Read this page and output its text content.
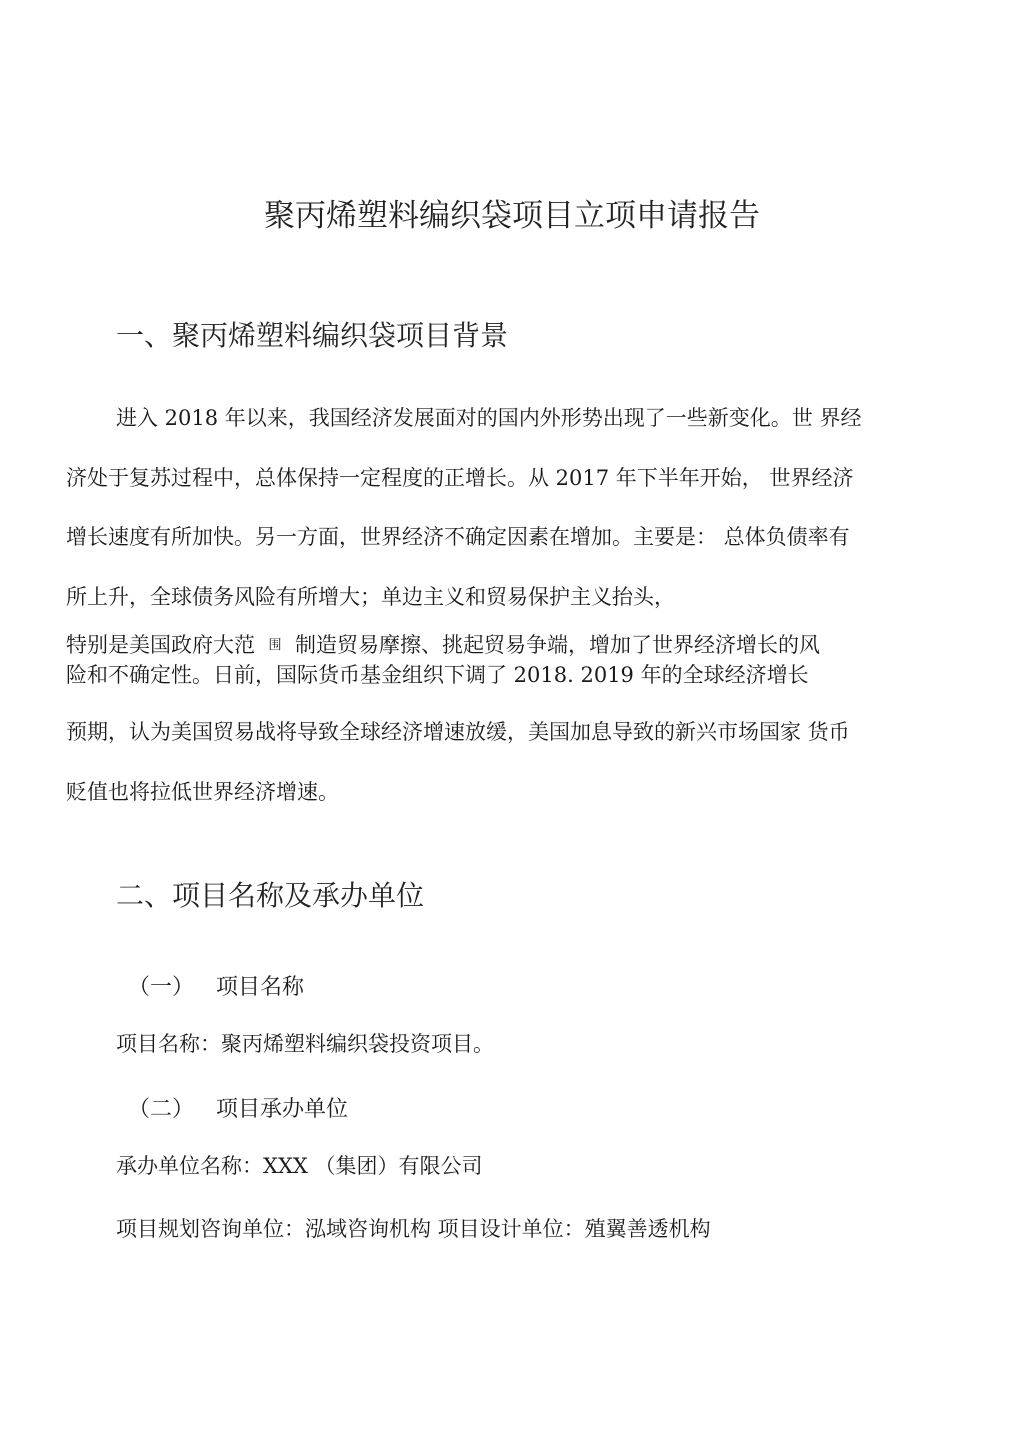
聚丙烯塑料编织袋项目立项申请报告
一、聚丙烯塑料编织袋项目背景

进入 2018 年以来，我国经济发展面对的国内外形势出现了一些新变化。世 界经

济处于复苏过程中，总体保持一定程度的正增长。从 2017 年下半年开始， 世界经济

增长速度有所加快。另一方面，世界经济不确定因素在增加。主要是： 总体负债率有

所上升，全球债务风险有所增大；单边主义和贸易保护主义抬头，

特别是美国政府大范 围 制造贸易摩擦、挑起贸易争端，增加了世界经济增长的风

险和不确定性。日前，国际货币基金组织下调了 2018. 2019 年的全球经济增长

预期，认为美国贸易战将导致全球经济增速放缓，美国加息导致的新兴市场国家 货币

贬值也将拉低世界经济增速。

二、项目名称及承办单位

（一） 项目名称

项目名称：聚丙烯塑料编织袋投资项目。

（二） 项目承办单位

承办单位名称：XXX （集团）有限公司

项目规划咨询单位：泓域咨询机构 项目设计单位：殖翼善透机构
